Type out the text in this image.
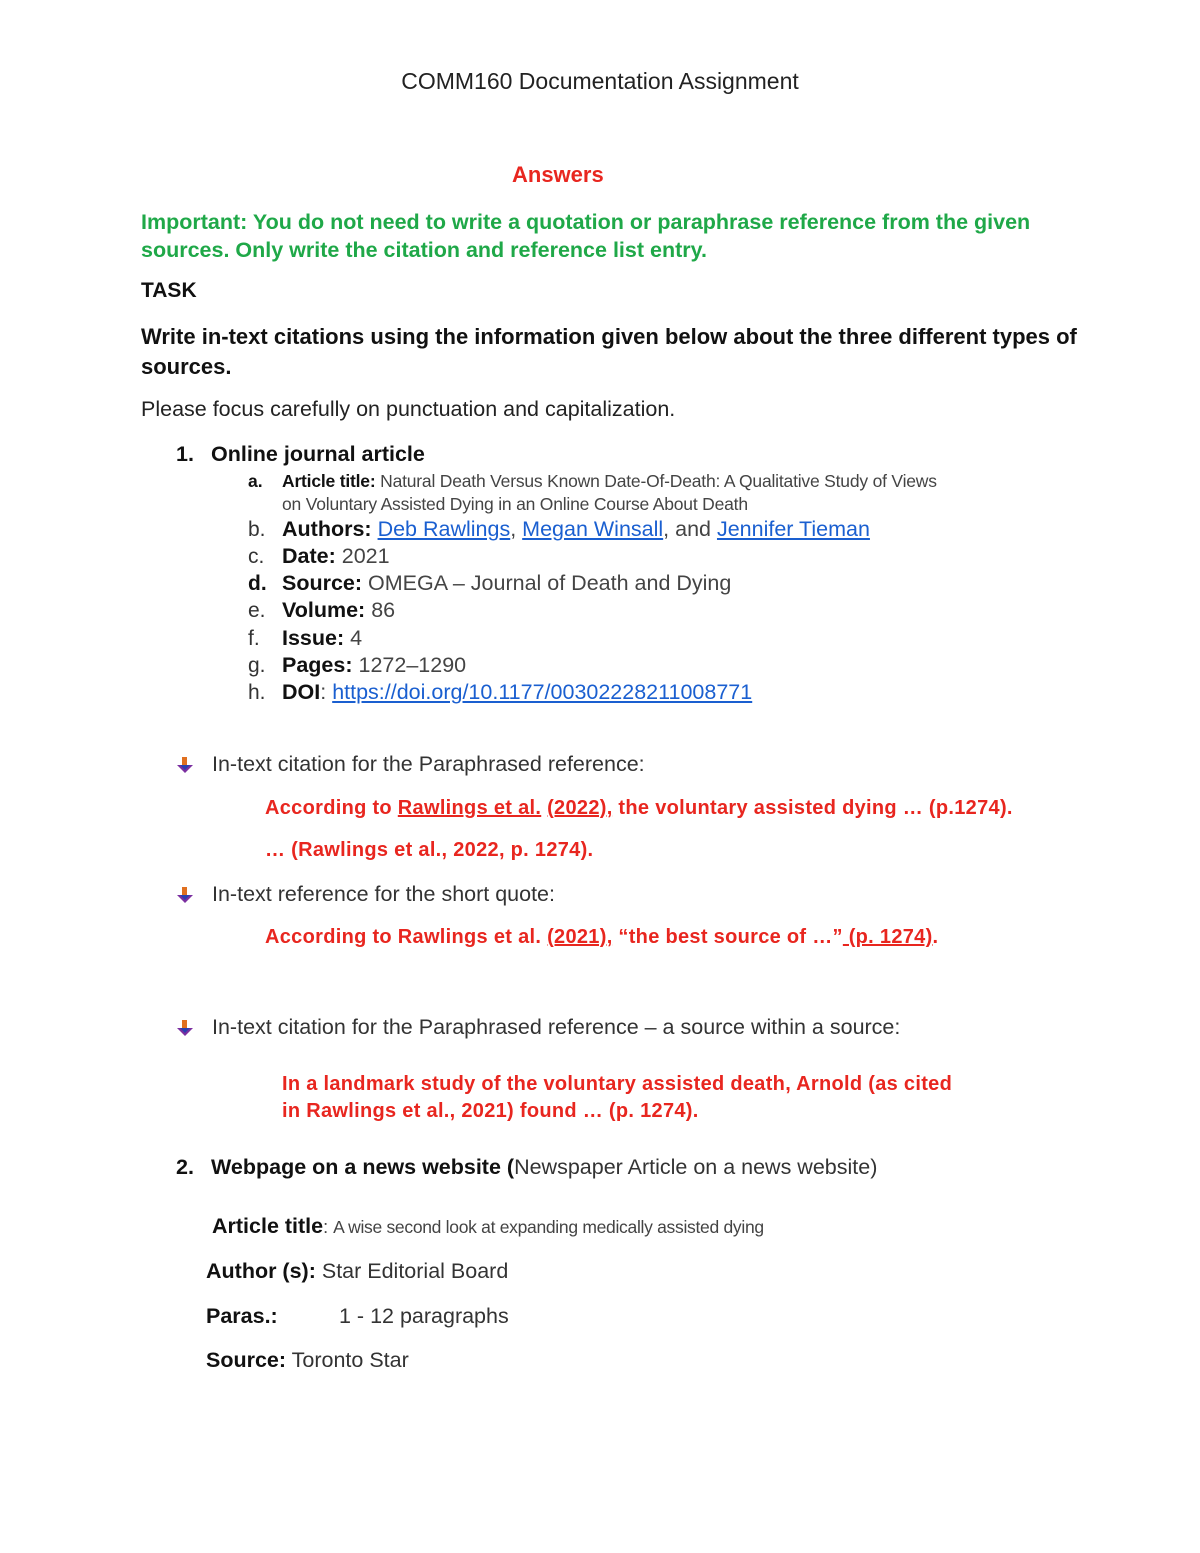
COMM160 Documentation Assignment
Answers
Important: You do not need to write a quotation or paraphrase reference from the given sources. Only write the citation and reference list entry.
TASK
Write in-text citations using the information given below about the three different types of sources.
Please focus carefully on punctuation and capitalization.
1. Online journal article
a. Article title: Natural Death Versus Known Date-Of-Death: A Qualitative Study of Views
on Voluntary Assisted Dying in an Online Course About Death
b. Authors: Deb Rawlings, Megan Winsall, and Jennifer Tieman
c. Date: 2021
d. Source: OMEGA – Journal of Death and Dying
e. Volume: 86
f. Issue: 4
g. Pages: 1272–1290
h. DOI: https://doi.org/10.1177/00302228211008771
In-text citation for the Paraphrased reference:
According to Rawlings et al. (2022), the voluntary assisted dying … (p.1274).
… (Rawlings et al., 2022, p. 1274).
In-text reference for the short quote:
According to Rawlings et al. (2021), “the best source of …” (p. 1274).
In-text citation for the Paraphrased reference – a source within a source:
In a landmark study of the voluntary assisted death, Arnold (as cited
in Rawlings et al., 2021) found … (p. 1274).
2. Webpage on a news website (Newspaper Article on a news website)
Article title: A wise second look at expanding medically assisted dying
Author (s): Star Editorial Board
Paras.:	1 - 12 paragraphs
Source: Toronto Star
